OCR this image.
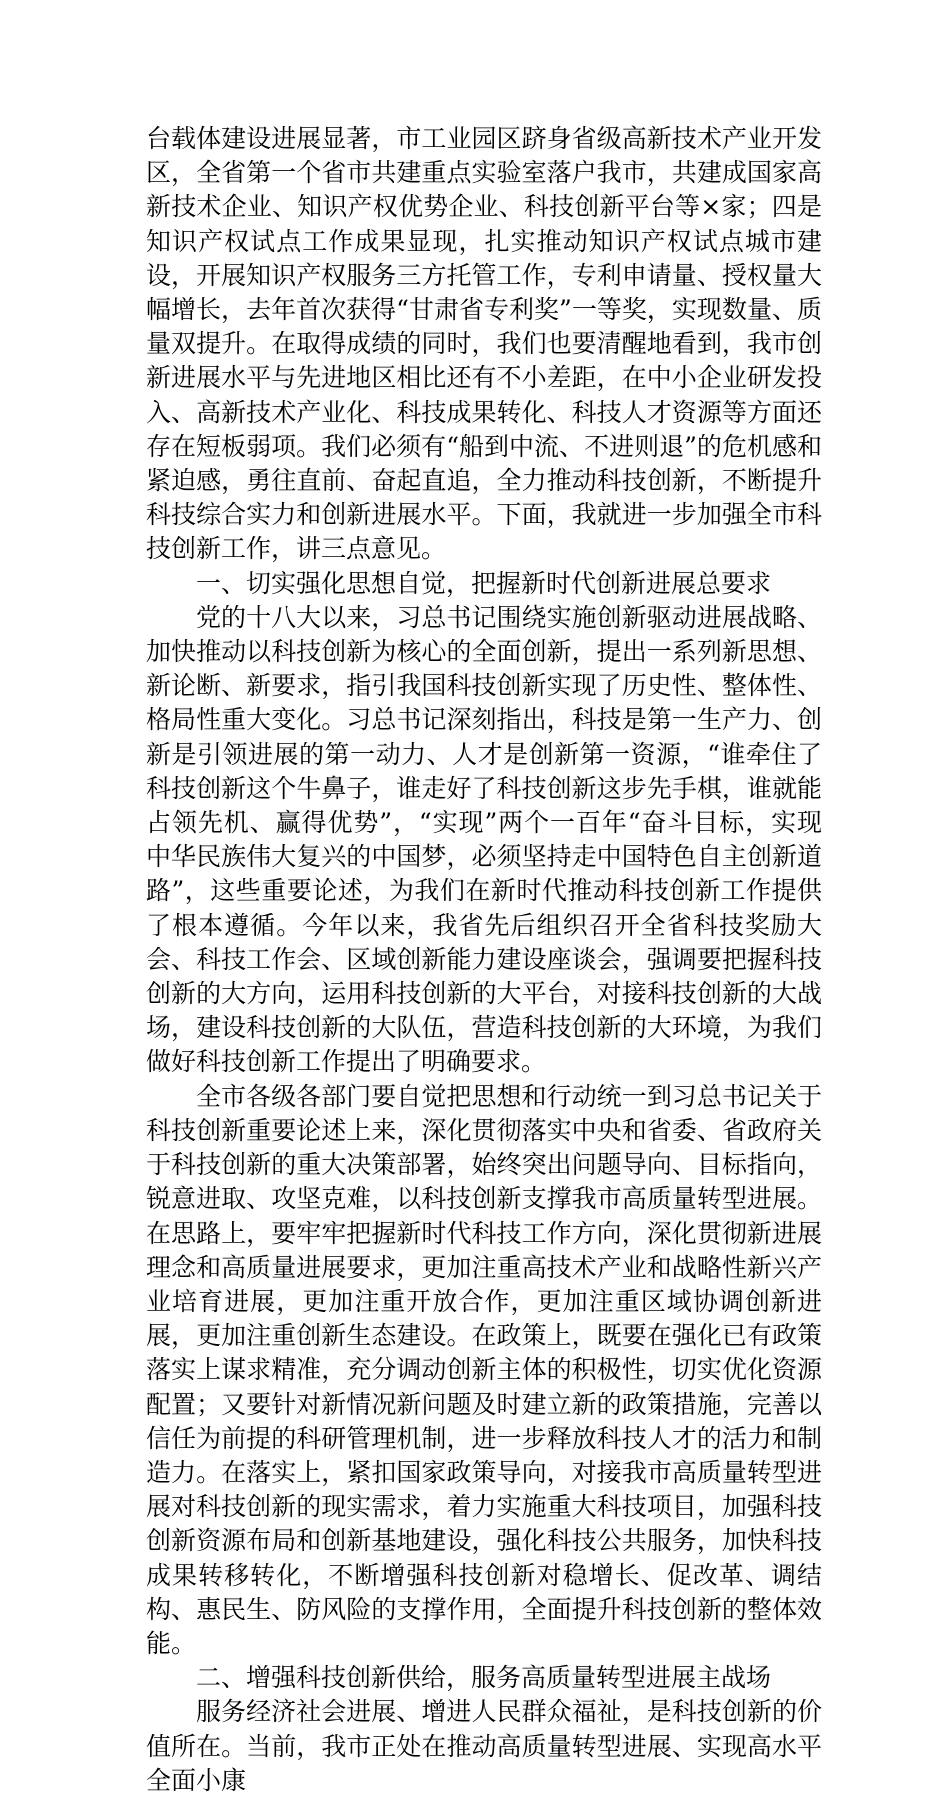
台载体建设进展显著，市工业园区跻身省级高新技术产业开发区，全省第一个省市共建重点实验室落户我市，共建成国家高新技术企业、知识产权优势企业、科技创新平台等×家；四是知识产权试点工作成果显现，扎实推动知识产权试点城市建设，开展知识产权服务三方托管工作，专利申请量、授权量大幅增长，去年首次获得“甘肃省专利奖”一等奖，实现数量、质量双提升。在取得成绩的同时，我们也要清醒地看到，我市创新进展水平与先进地区相比还有不小差距，在中小企业研发投入、高新技术产业化、科技成果转化、科技人才资源等方面还存在短板弱项。我们必须有“船到中流、不进则退”的危机感和紧迫感，勇往直前、奋起直追，全力推动科技创新，不断提升科技综合实力和创新进展水平。下面，我就进一步加强全市科技创新工作，讲三点意见。

一、切实强化思想自觉，把握新时代创新进展总要求

党的十八大以来，习总书记围绕实施创新驱动进展战略、加快推动以科技创新为核心的全面创新，提出一系列新思想、新论断、新要求，指引我国科技创新实现了历史性、整体性、格局性重大变化。习总书记深刻指出，科技是第一生产力、创新是引领进展的第一动力、人才是创新第一资源，“谁牵住了科技创新这个牛鼻子，谁走好了科技创新这步先手棋，谁就能占领先机、赢得优势”，“实现”两个一百年“奋斗目标，实现中华民族伟大复兴的中国梦，必须坚持走中国特色自主创新道路”，这些重要论述，为我们在新时代推动科技创新工作提供了根本遵循。今年以来，我省先后组织召开全省科技奖励大会、科技工作会、区域创新能力建设座谈会，强调要把握科技创新的大方向，运用科技创新的大平台，对接科技创新的大战场，建设科技创新的大队伍，营造科技创新的大环境，为我们做好科技创新工作提出了明确要求。

全市各级各部门要自觉把思想和行动统一到习总书记关于科技创新重要论述上来，深化贯彻落实中央和省委、省政府关于科技创新的重大决策部署，始终突出问题导向、目标指向，锐意进取、攻坚克难，以科技创新支撑我市高质量转型进展。在思路上，要牢牢把握新时代科技工作方向，深化贯彻新进展理念和高质量进展要求，更加注重高技术产业和战略性新兴产业培育进展，更加注重开放合作，更加注重区域协调创新进展，更加注重创新生态建设。在政策上，既要在强化已有政策落实上谋求精准，充分调动创新主体的积极性，切实优化资源配置；又要针对新情况新问题及时建立新的政策措施，完善以信任为前提的科研管理机制，进一步释放科技人才的活力和制造力。在落实上，紧扣国家政策导向，对接我市高质量转型进展对科技创新的现实需求，着力实施重大科技项目，加强科技创新资源布局和创新基地建设，强化科技公共服务，加快科技成果转移转化，不断增强科技创新对稳增长、促改革、调结构、惠民生、防风险的支撑作用，全面提升科技创新的整体效能。

二、增强科技创新供给，服务高质量转型进展主战场

服务经济社会进展、增进人民群众福祉，是科技创新的价值所在。当前，我市正处在推动高质量转型进展、实现高水平全面小康
